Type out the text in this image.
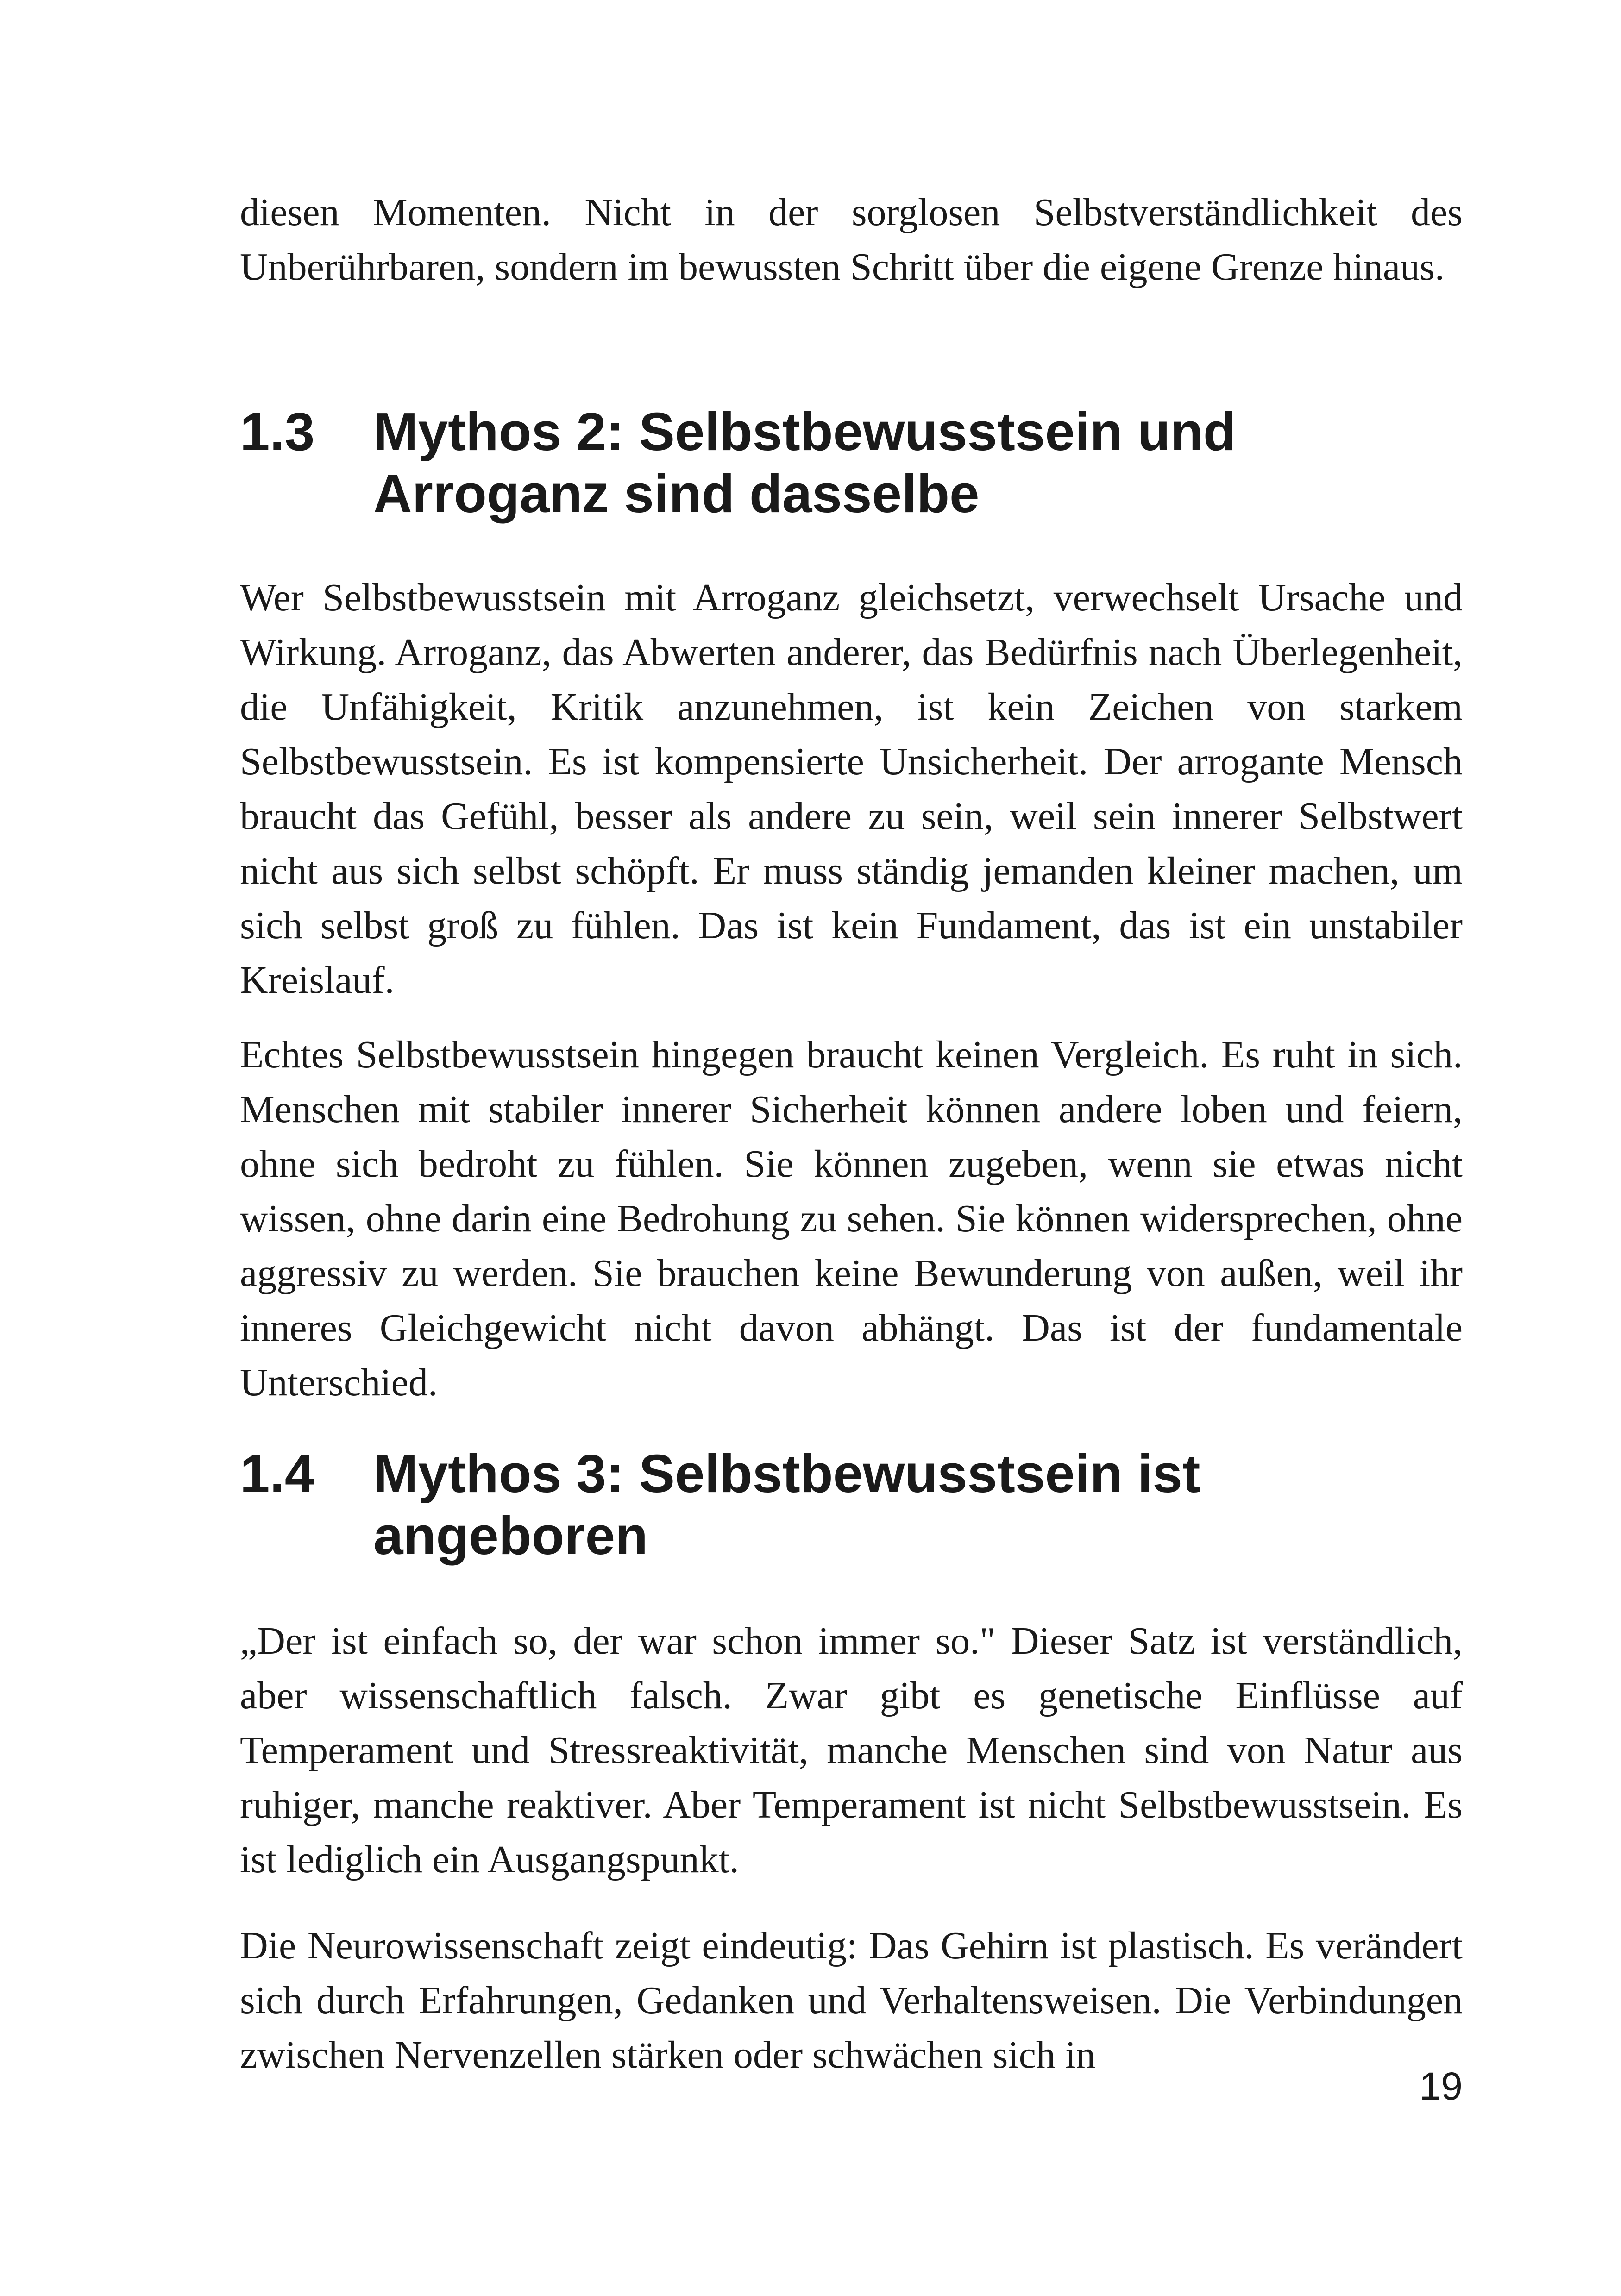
diesen Momenten. Nicht in der sorglosen Selbstverständlichkeit des Unberührbaren, sondern im bewussten Schritt über die eigene Grenze hinaus.

1.3 Mythos 2: Selbstbewusstsein und
Arroganz sind dasselbe

Wer Selbstbewusstsein mit Arroganz gleichsetzt, verwechselt Ursache und Wirkung. Arroganz, das Abwerten anderer, das Bedürfnis nach Überlegenheit, die Unfähigkeit, Kritik anzunehmen, ist kein Zeichen von starkem Selbstbewusstsein. Es ist kompensierte Unsicherheit. Der arrogante Mensch braucht das Gefühl, besser als andere zu sein, weil sein innerer Selbstwert nicht aus sich selbst schöpft. Er muss ständig jemanden kleiner machen, um sich selbst groß zu fühlen. Das ist kein Fundament, das ist ein unstabiler Kreislauf.

Echtes Selbstbewusstsein hingegen braucht keinen Vergleich. Es ruht in sich. Menschen mit stabiler innerer Sicherheit können andere loben und feiern, ohne sich bedroht zu fühlen. Sie können zugeben, wenn sie etwas nicht wissen, ohne darin eine Bedrohung zu sehen. Sie können widersprechen, ohne aggressiv zu werden. Sie brauchen keine Bewunderung von außen, weil ihr inneres Gleichgewicht nicht davon abhängt. Das ist der fundamentale Unterschied.

1.4 Mythos 3: Selbstbewusstsein ist
angeboren

„Der ist einfach so, der war schon immer so." Dieser Satz ist verständlich, aber wissenschaftlich falsch. Zwar gibt es genetische Einflüsse auf Temperament und Stressreaktivität, manche Menschen sind von Natur aus ruhiger, manche reaktiver. Aber Temperament ist nicht Selbstbewusstsein. Es ist lediglich ein Ausgangspunkt.

Die Neurowissenschaft zeigt eindeutig: Das Gehirn ist plastisch. Es verändert sich durch Erfahrungen, Gedanken und Verhaltensweisen. Die Verbindungen zwischen Nervenzellen stärken oder schwächen sich in

19
